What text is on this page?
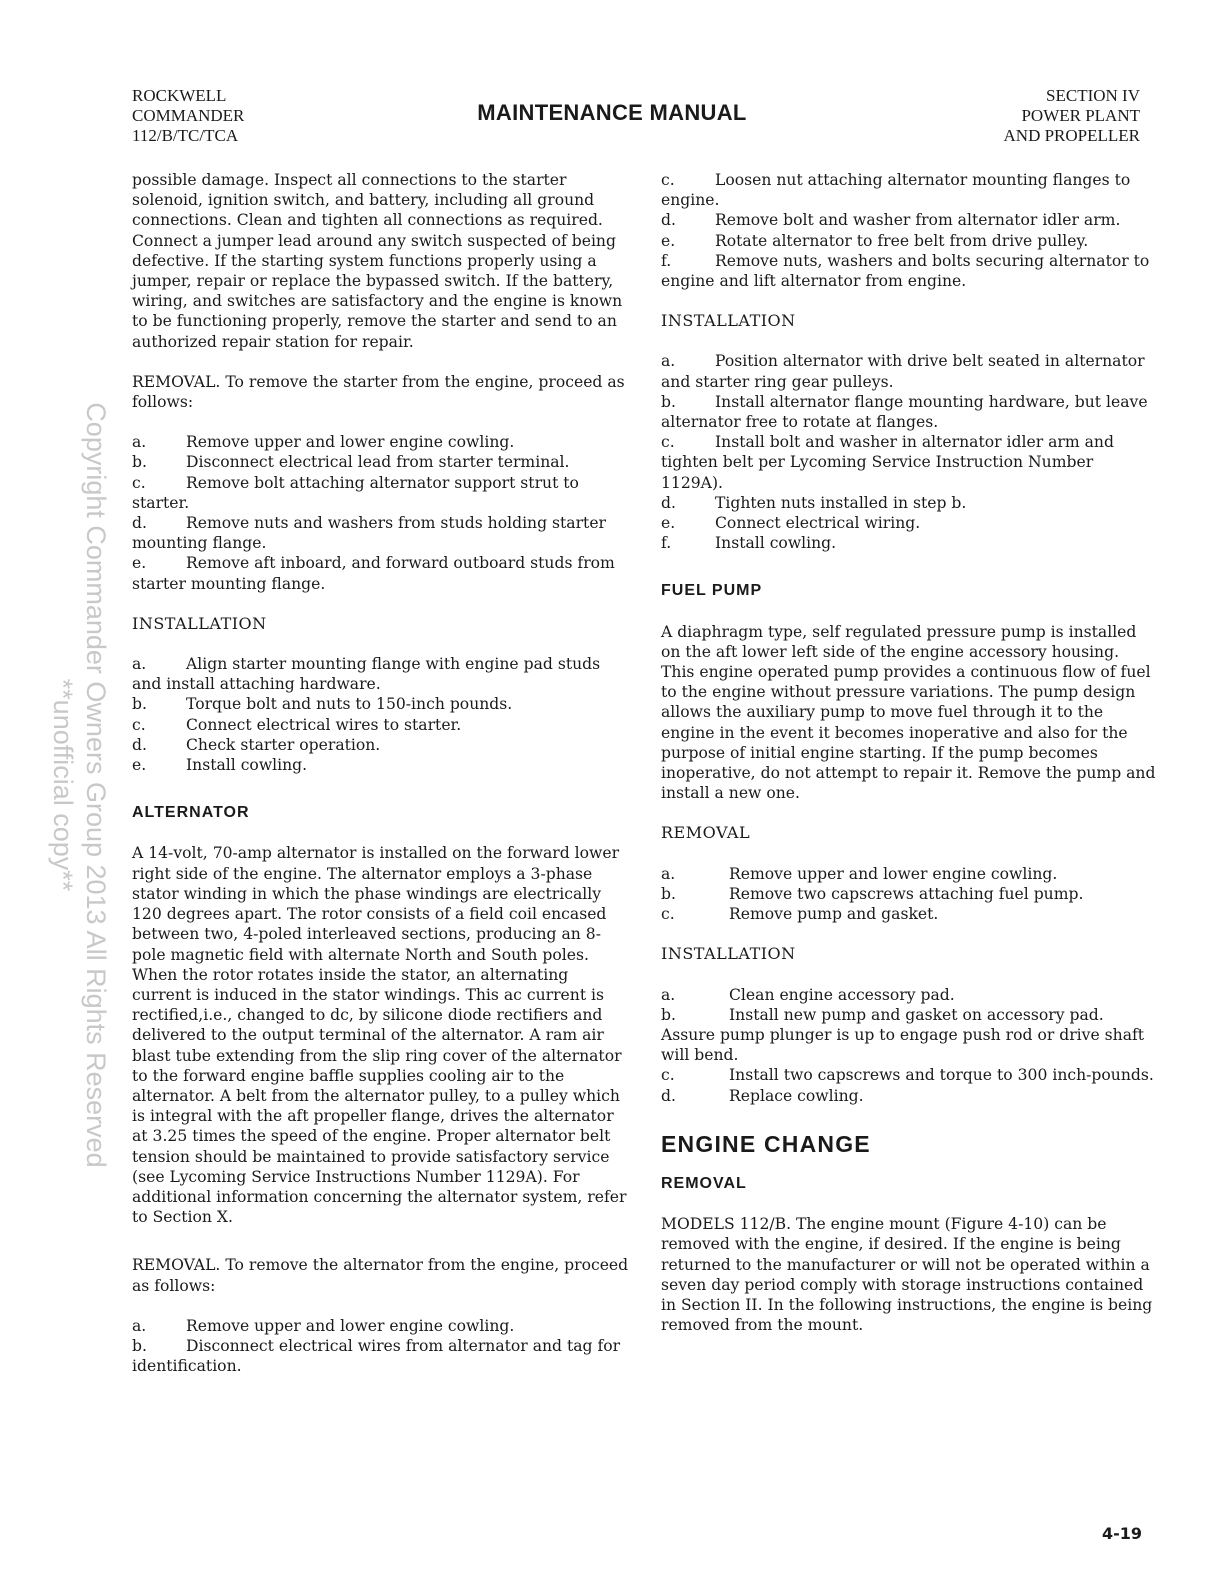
ROCKWELL
COMMANDER
112/B/TC/TCA
MAINTENANCE MANUAL
SECTION IV
POWER PLANT
AND PROPELLER
Copyright Commander Owners Group 2013 All Rights Reserved
**unofficial copy**

possible damage. Inspect all connections to the starter solenoid, ignition switch, and battery, including all ground connections. Clean and tighten all connections as required. Connect a jumper lead around any switch suspected of being defective. If the starting system functions properly using a jumper, repair or replace the bypassed switch. If the battery, wiring, and switches are satisfactory and the engine is known to be functioning properly, remove the starter and send to an authorized repair station for repair.

REMOVAL. To remove the starter from the engine, proceed as follows:

a.	Remove upper and lower engine cowling.

b.	Disconnect electrical lead from starter terminal.

c.	Remove bolt attaching alternator support strut to starter.

d.	Remove nuts and washers from studs holding starter mounting flange.

e.	Remove aft inboard, and forward outboard studs from starter mounting flange.

INSTALLATION

a.	Align starter mounting flange with engine pad studs and install attaching hardware.

b.	Torque bolt and nuts to 150-inch pounds.

c.	Connect electrical wires to starter.

d.	Check starter operation.

e.	Install cowling.

ALTERNATOR

A 14-volt, 70-amp alternator is installed on the forward lower right side of the engine. The alternator employs a 3-phase stator winding in which the phase windings are electrically 120 degrees apart. The rotor consists of a field coil encased between two, 4-poled interleaved sections, producing an 8-pole magnetic field with alternate North and South poles. When the rotor rotates inside the stator, an alternating current is induced in the stator windings. This ac current is rectified,i.e., changed to dc, by silicone diode rectifiers and delivered to the output terminal of the alternator. A ram air blast tube extending from the slip ring cover of the alternator to the forward engine baffle supplies cooling air to the alternator. A belt from the alternator pulley, to a pulley which is integral with the aft propeller flange, drives the alternator at 3.25 times the speed of the engine. Proper alternator belt tension should be maintained to provide satisfactory service (see Lycoming Service Instructions Number 1129A). For additional information concerning the alternator system, refer to Section X.

REMOVAL. To remove the alternator from the engine, proceed as follows:

a.	Remove upper and lower engine cowling.

b.	Disconnect electrical wires from alternator and tag for identification.

c.	Loosen nut attaching alternator mounting flanges to engine.

d.	Remove bolt and washer from alternator idler arm.

e.	Rotate alternator to free belt from drive pulley.

f.	Remove nuts, washers and bolts securing alternator to engine and lift alternator from engine.

INSTALLATION

a.	Position alternator with drive belt seated in alternator and starter ring gear pulleys.

b.	Install alternator flange mounting hardware, but leave alternator free to rotate at flanges.

c.	Install bolt and washer in alternator idler arm and tighten belt per Lycoming Service Instruction Number 1129A).

d.	Tighten nuts installed in step b.

e.	Connect electrical wiring.

f.	Install cowling.

FUEL PUMP

A diaphragm type, self regulated pressure pump is installed on the aft lower left side of the engine accessory housing. This engine operated pump provides a continuous flow of fuel to the engine without pressure variations. The pump design allows the auxiliary pump to move fuel through it to the engine in the event it becomes inoperative and also for the purpose of initial engine starting. If the pump becomes inoperative, do not attempt to repair it. Remove the pump and install a new one.

REMOVAL

a.	Remove upper and lower engine cowling.

b.	Remove two capscrews attaching fuel pump.

c.	Remove pump and gasket.

INSTALLATION

a.	Clean engine accessory pad.

b.	Install new pump and gasket on accessory pad. Assure pump plunger is up to engage push rod or drive shaft will bend.

c.	Install two capscrews and torque to 300 inch-pounds.

d.	Replace cowling.

ENGINE CHANGE

REMOVAL

MODELS 112/B. The engine mount (Figure 4-10) can be removed with the engine, if desired. If the engine is being returned to the manufacturer or will not be operated within a seven day period comply with storage instructions contained in Section II. In the following instructions, the engine is being removed from the mount.

4-19
